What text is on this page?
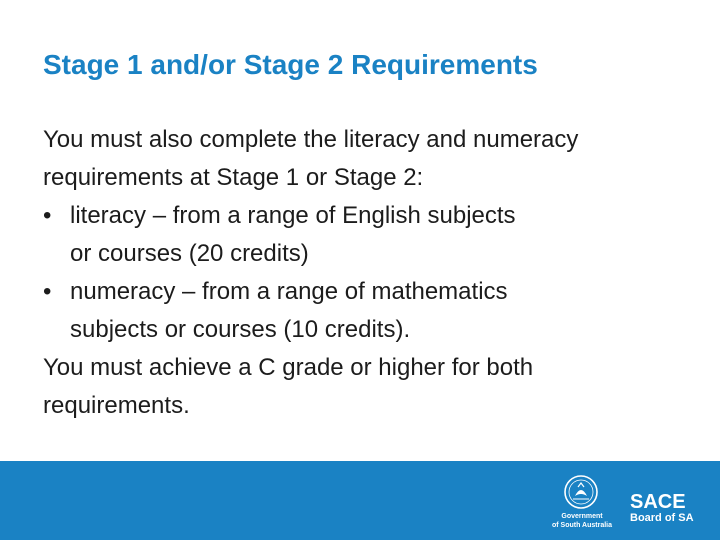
Stage 1 and/or Stage 2 Requirements
You must also complete the literacy and numeracy
requirements at Stage 1 or Stage 2:
• literacy – from a range of English subjects
or courses (20 credits)
• numeracy – from a range of mathematics
subjects or courses (10 credits).
You must achieve a C grade or higher for both
requirements.
Government
of South Australia
SACE
Board of SA
